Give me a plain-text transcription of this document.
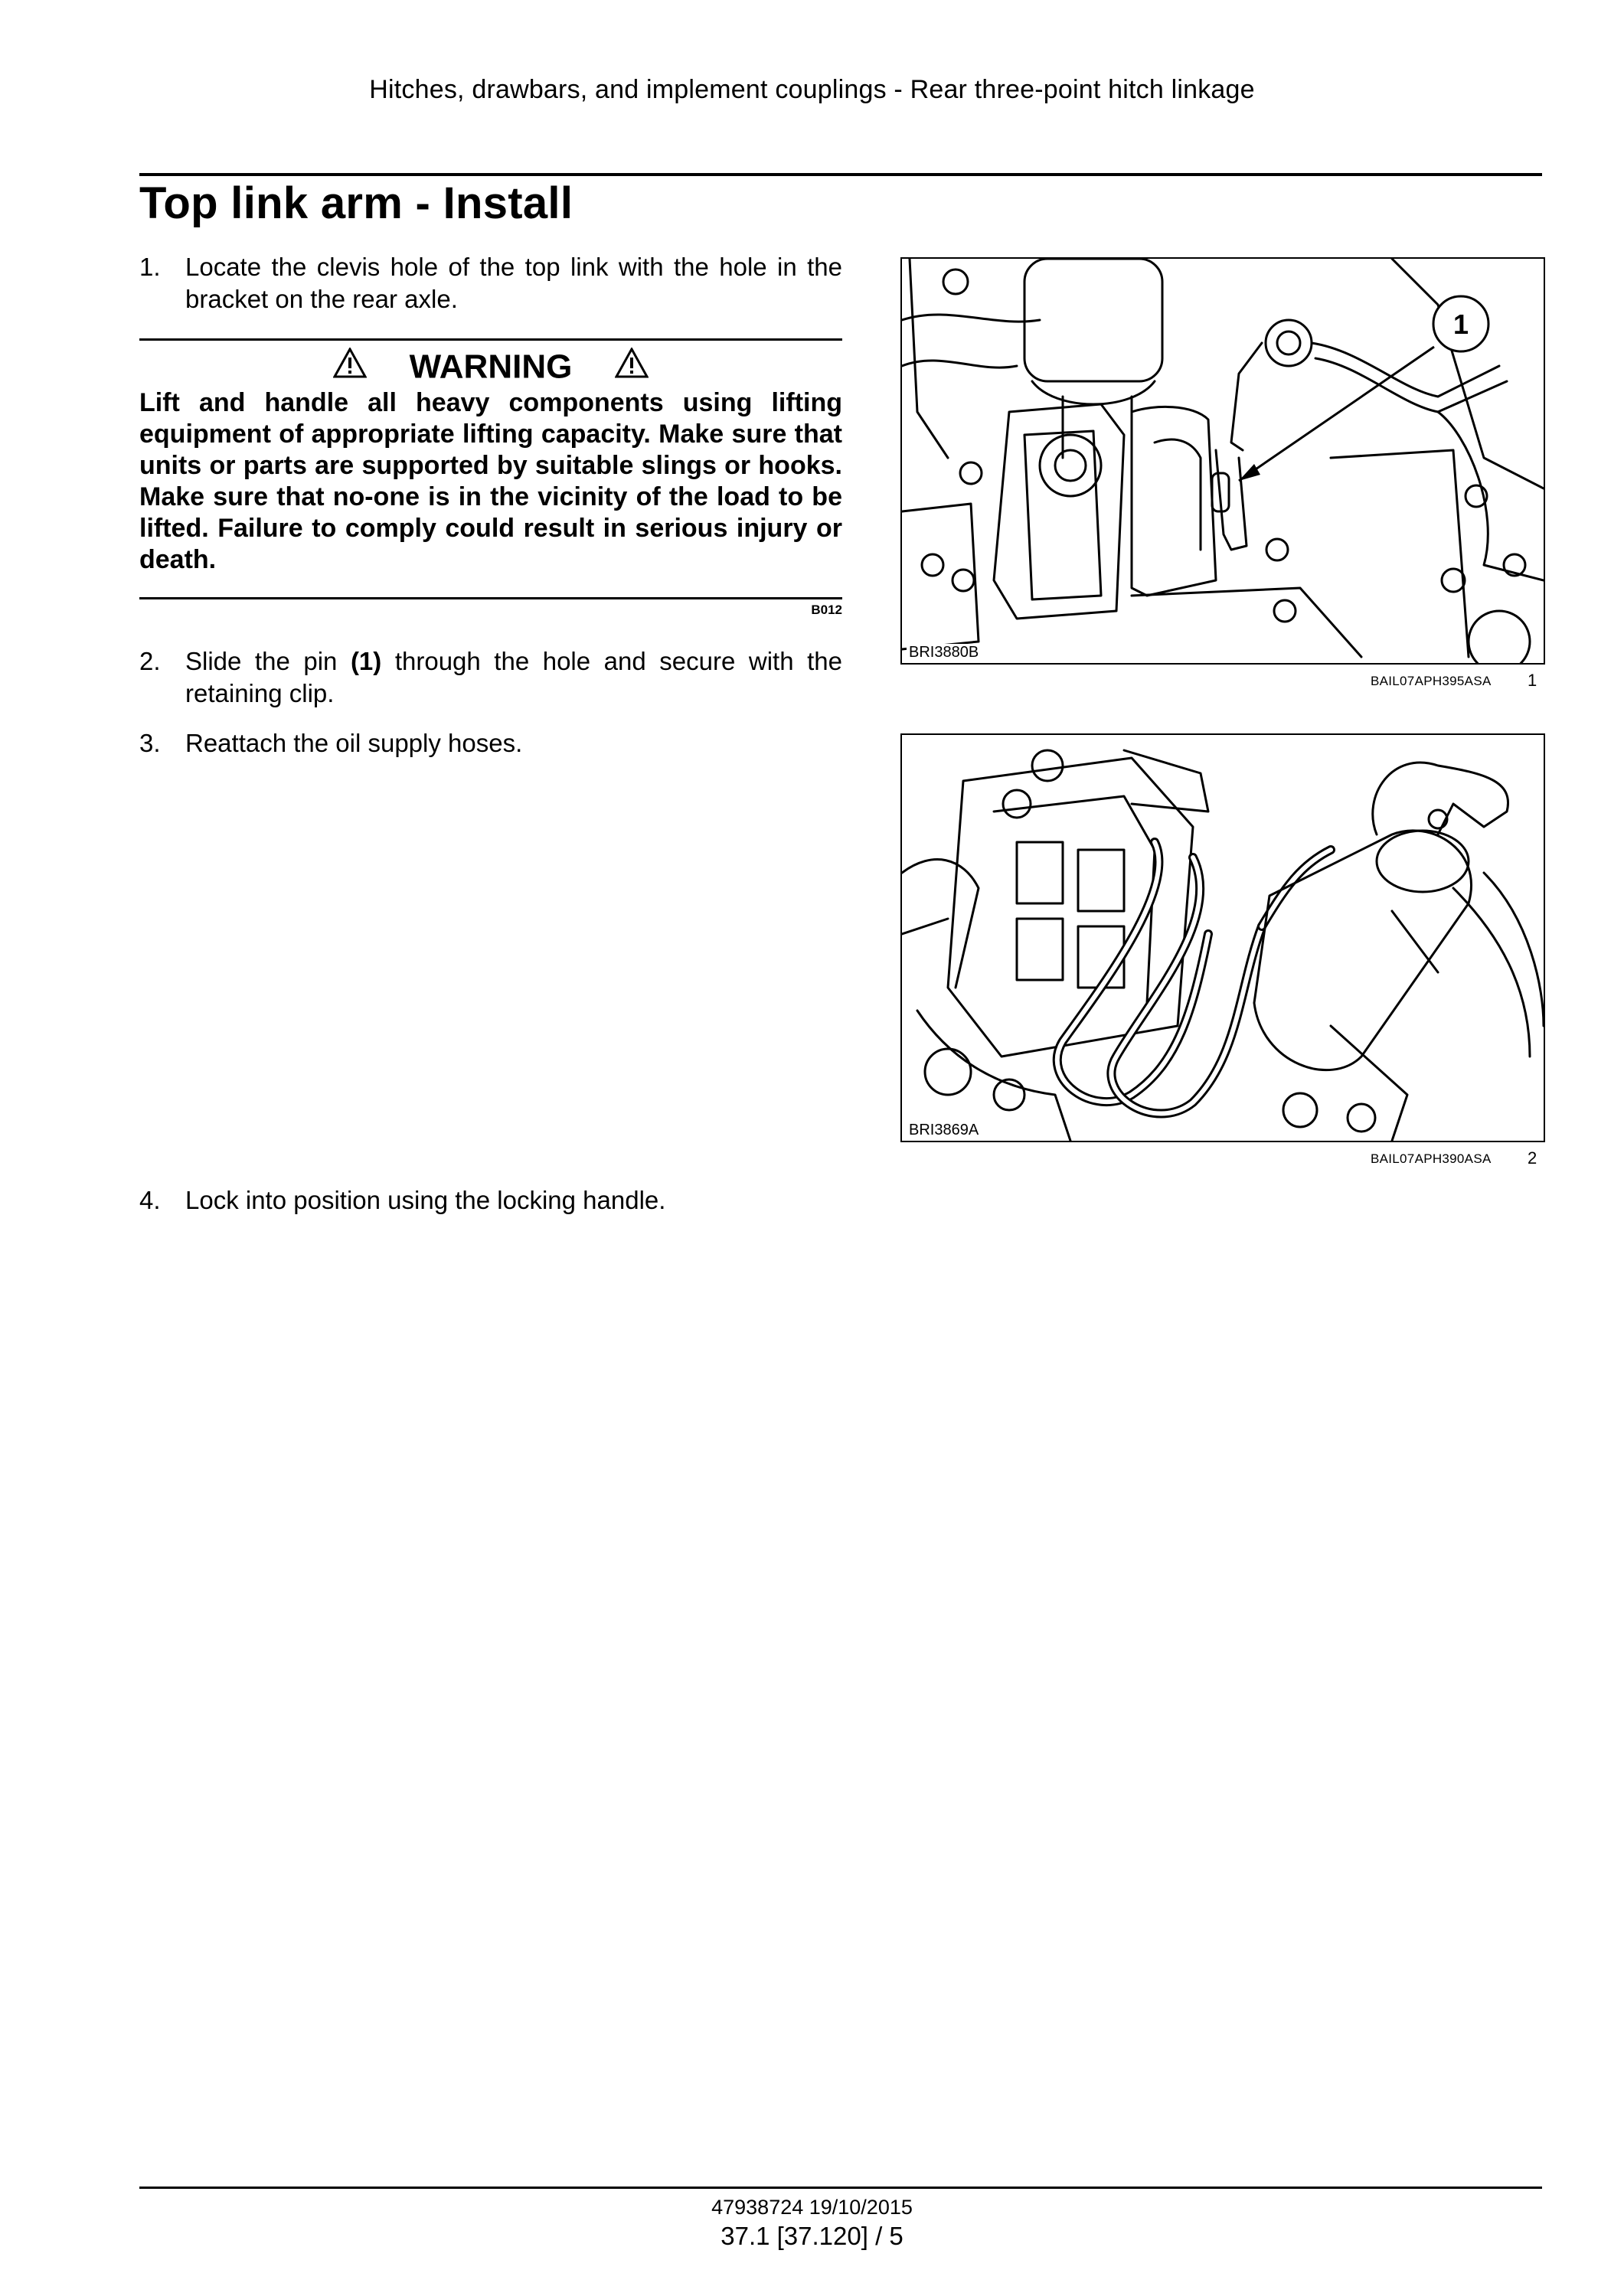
Hitches, drawbars, and implement couplings - Rear three-point hitch linkage
Top link arm - Install
1. Locate the clevis hole of the top link with the hole in the bracket on the rear axle.
WARNING
Lift and handle all heavy components using lifting equipment of appropriate lifting capacity. Make sure that units or parts are supported by suitable slings or hooks. Make sure that no-one is in the vicinity of the load to be lifted. Failure to comply could result in serious injury or death.
B012
2. Slide the pin (1) through the hole and secure with the retaining clip.
3. Reattach the oil supply hoses.
4. Lock into position using the locking handle.
1
BRI3880B
BAIL07APH395ASA 1
BRI3869A
BAIL07APH390ASA 2
47938724 19/10/2015
37.1 [37.120] / 5
